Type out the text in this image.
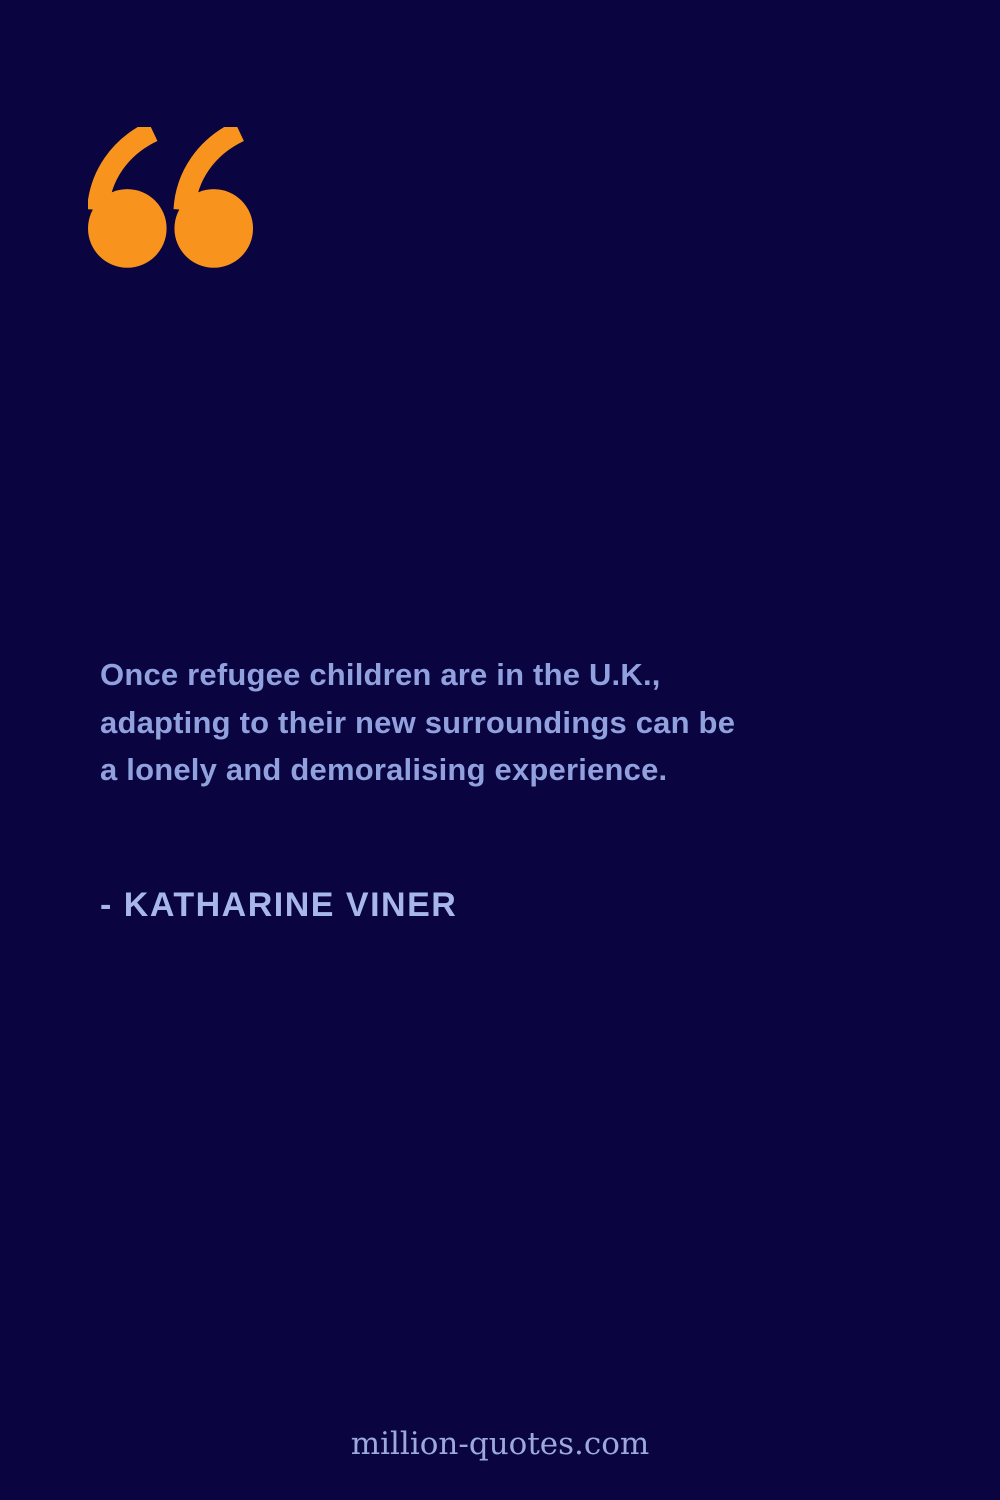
Once refugee children are in the U.K.,
adapting to their new surroundings can be
a lonely and demoralising experience.
- KATHARINE VINER
million-quotes.com
